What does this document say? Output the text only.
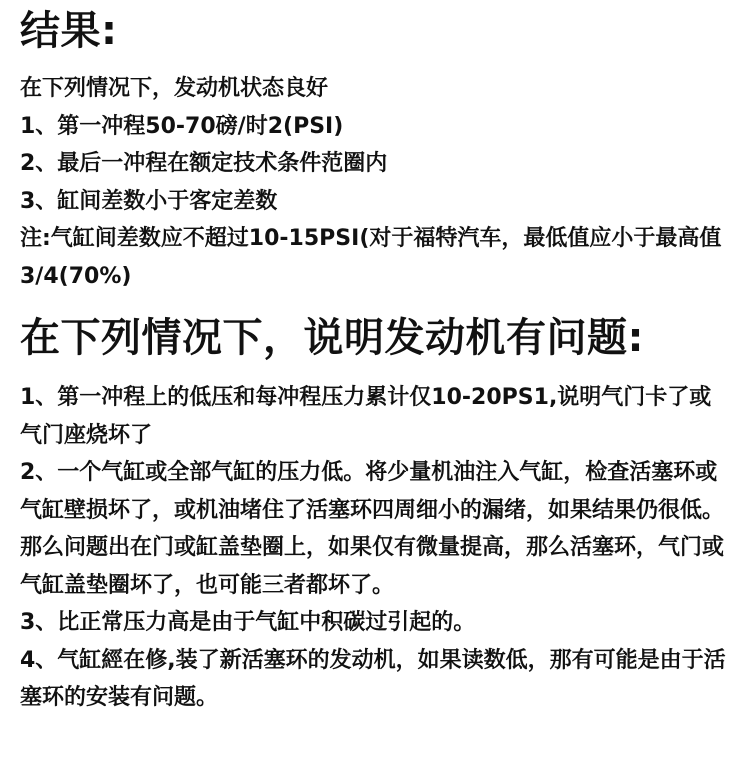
结果:

在下列情况下，发动机状态良好

1、第一冲程50-70磅/时2(PSI)

2、最后一冲程在额定技术条件范圈内

3、缸间差数小于客定差数

注:气缸间差数应不超过10-15PSI(对于福特汽车，最低值应小于最高值3/4(70%)

在下列情况下，说明发动机有问题:

1、第一冲程上的低压和每冲程压力累计仅10-20PS1,说明气门卡了或气门座烧坏了

2、一个气缸或全部气缸的压力低。将少量机油注入气缸，检查活塞环或气缸壁损坏了，或机油堵住了活塞环四周细小的漏绪，如果结果仍很低。那么问题出在门或缸盖垫圈上，如果仅有微量提高，那么活塞环，气门或气缸盖垫圈坏了，也可能三者都坏了。

3、比正常压力高是由于气缸中积碳过引起的。

4、气缸經在修,装了新活塞环的发动机，如果读数低，那有可能是由于活塞环的安装有问题。
